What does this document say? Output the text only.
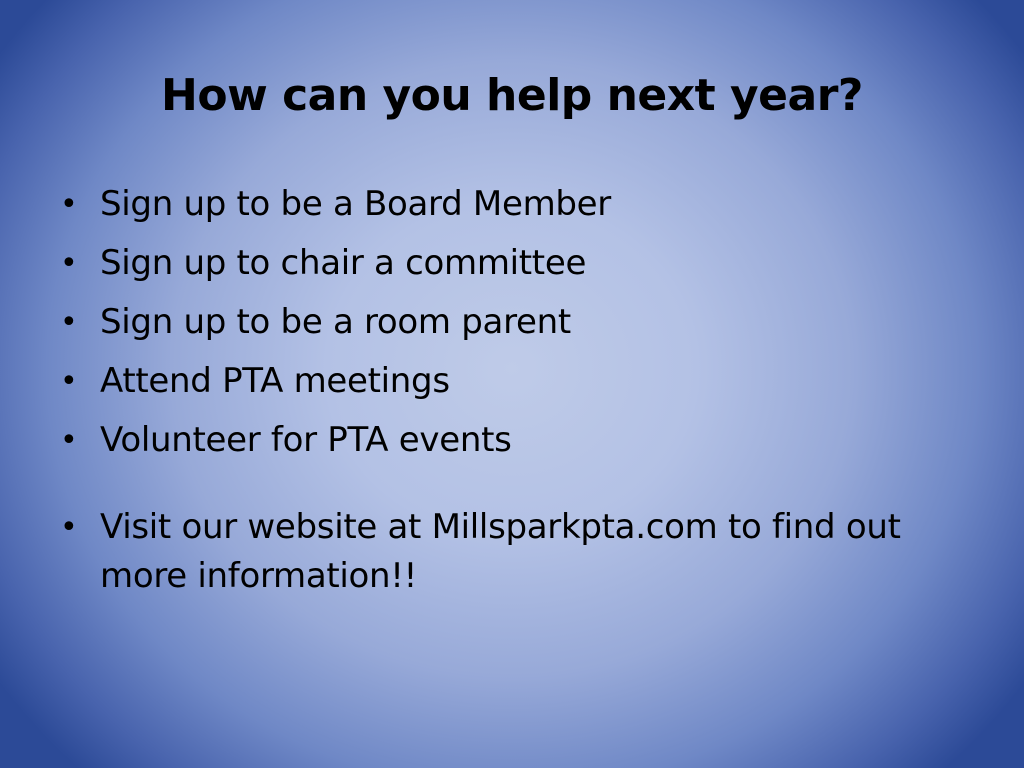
How can you help next year?
• Sign up to be a Board Member
• Sign up to chair a committee
• Sign up to be a room parent
• Attend PTA meetings
• Volunteer for PTA events
• Visit our website at Millsparkpta.com to find out more information!!
